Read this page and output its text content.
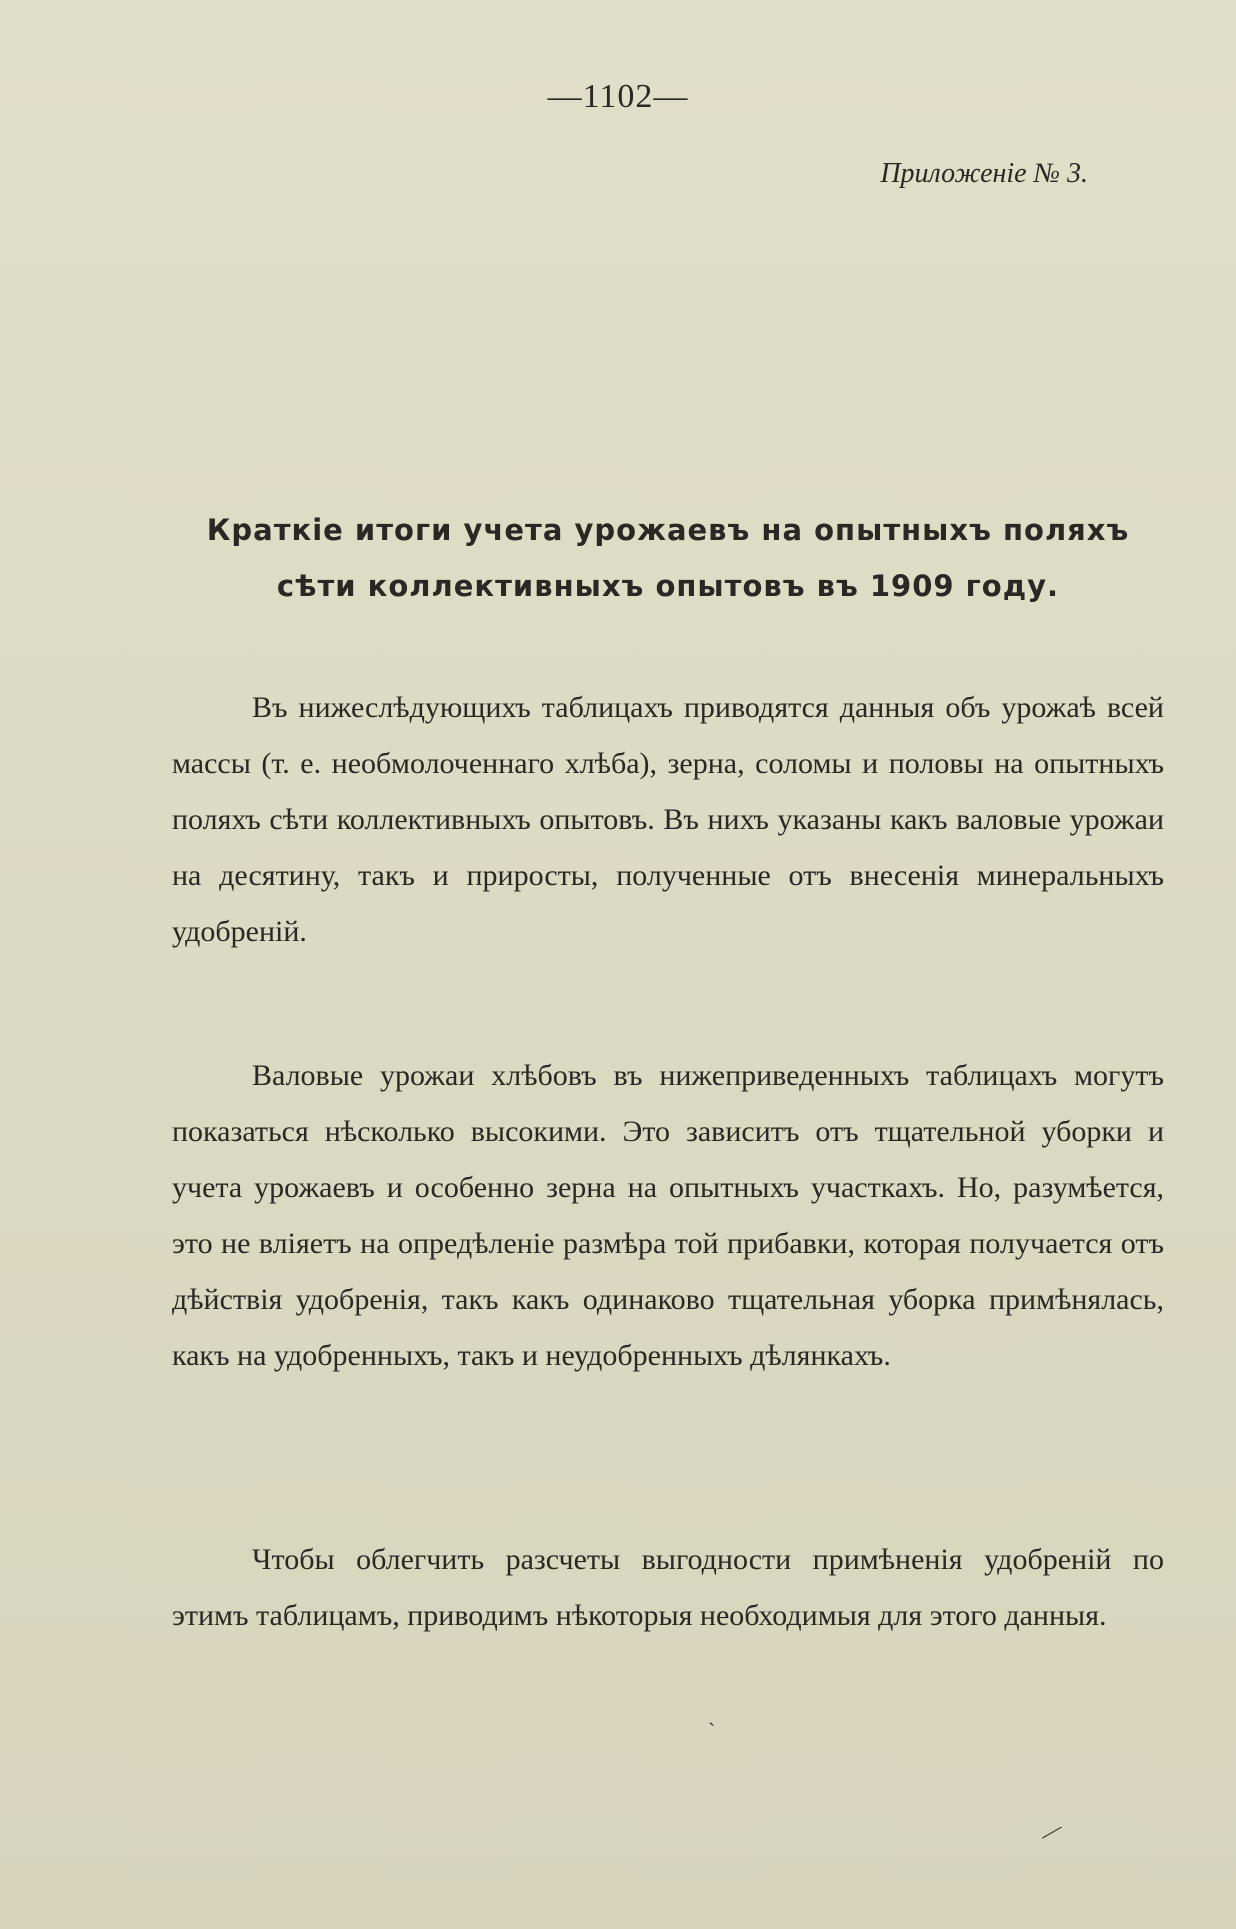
—1102—
Приложеніе № 3.
Краткіе итоги учета урожаевъ на опытныхъ поляхъ
сѣти коллективныхъ опытовъ въ 1909 году.

Въ нижеслѣдующихъ таблицахъ приводятся данныя объ урожаѣ всей массы (т. е. необмолоченнаго хлѣба), зерна, соломы и половы на опытныхъ поляхъ сѣти коллективныхъ опытовъ. Въ нихъ указаны какъ валовые урожаи на десятину, такъ и приросты, полученные отъ внесенія минеральныхъ удобреній.

Валовые урожаи хлѣбовъ въ нижеприведенныхъ таблицахъ могутъ показаться нѣсколько высокими. Это зависитъ отъ тщательной уборки и учета урожаевъ и особенно зерна на опытныхъ участкахъ. Но, разумѣется, это не вліяетъ на опредѣленіе размѣра той прибавки, которая получается отъ дѣйствія удобренія, такъ какъ одинаково тщательная уборка примѣнялась, какъ на удобренныхъ, такъ и неудобренныхъ дѣлянкахъ.

Чтобы облегчить разсчеты выгодности примѣненія удобреній по этимъ таблицамъ, приводимъ нѣкоторыя необходимыя для этого данныя.

ˋ
—
